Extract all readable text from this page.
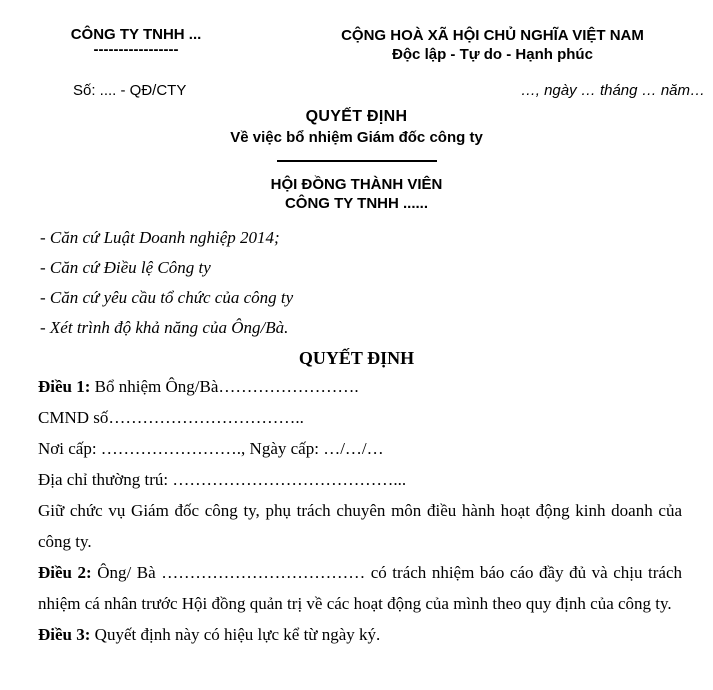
CÔNG TY TNHH ...
-----------------
CỘNG HOÀ XÃ HỘI CHỦ NGHĨA VIỆT NAM
Độc lập - Tự do - Hạnh phúc
Số: .... - QĐ/CTY	…, ngày … tháng … năm…
QUYẾT ĐỊNH
Về việc bổ nhiệm Giám đốc công ty
HỘI ĐỒNG THÀNH VIÊN
CÔNG TY TNHH ......
- Căn cứ Luật Doanh nghiệp 2014;
- Căn cứ Điều lệ Công ty
- Căn cứ yêu cầu tổ chức của công ty
- Xét trình độ khả năng của Ông/Bà.
QUYẾT ĐỊNH

Điều 1: Bổ nhiệm Ông/Bà…………………….

CMND số……………………………..

Nơi cấp: ……………………., Ngày cấp: …/…/…

Địa chỉ thường trú: …………………………………...

Giữ chức vụ Giám đốc công ty, phụ trách chuyên môn điều hành hoạt động kinh doanh của công ty.

Điều 2: Ông/ Bà ……………………………… có trách nhiệm báo cáo đầy đủ và chịu trách nhiệm cá nhân trước Hội đồng quản trị về các hoạt động của mình theo quy định của công ty.

Điều 3: Quyết định này có hiệu lực kể từ ngày ký.
